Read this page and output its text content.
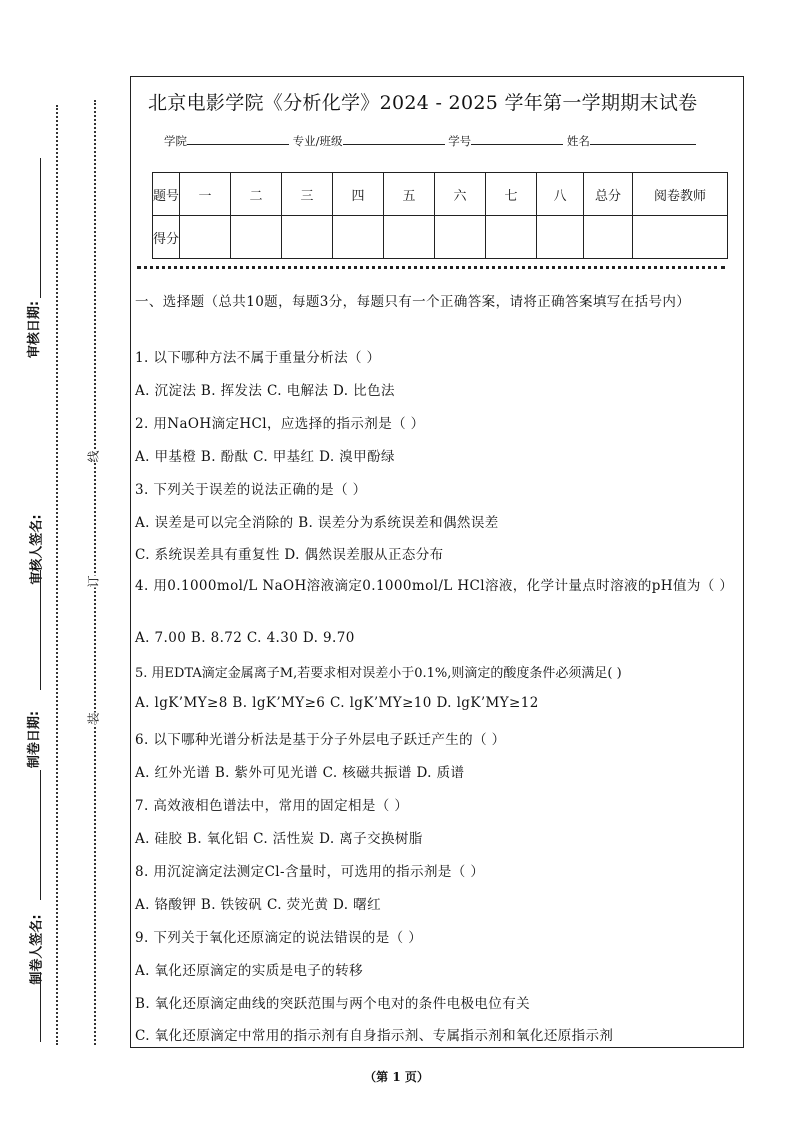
审核日期:
审核人签名:
制卷日期:
制卷人签名:
线
订
装
北京电影学院《分析化学》2024 - 2025 学年第一学期期末试卷
学院	专业/班级	学号	姓名
题号	一	二	三	四	五	六	七	八	总分	阅卷教师
得分										
一、选择题（总共10题，每题3分，每题只有一个正确答案，请将正确答案填写在括号内）
1. 以下哪种方法不属于重量分析法（ ）
A. 沉淀法 B. 挥发法 C. 电解法 D. 比色法
2. 用NaOH滴定HCl，应选择的指示剂是（ ）
A. 甲基橙 B. 酚酞 C. 甲基红 D. 溴甲酚绿
3. 下列关于误差的说法正确的是（ ）
A. 误差是可以完全消除的 B. 误差分为系统误差和偶然误差
C. 系统误差具有重复性 D. 偶然误差服从正态分布
4. 用0.1000mol/L NaOH溶液滴定0.1000mol/L HCl溶液，化学计量点时溶液的pH值为（ ）
A. 7.00 B. 8.72 C. 4.30 D. 9.70
5. 用EDTA滴定金属离子M,若要求相对误差小于0.1%,则滴定的酸度条件必须满足( )
A. lgK’MY≥8 B. lgK’MY≥6 C. lgK’MY≥10 D. lgK’MY≥12
6. 以下哪种光谱分析法是基于分子外层电子跃迁产生的（ ）
A. 红外光谱 B. 紫外可见光谱 C. 核磁共振谱 D. 质谱
7. 高效液相色谱法中，常用的固定相是（ ）
A. 硅胶 B. 氧化铝 C. 活性炭 D. 离子交换树脂
8. 用沉淀滴定法测定Cl-含量时，可选用的指示剂是（ ）
A. 铬酸钾 B. 铁铵矾 C. 荧光黄 D. 曙红
9. 下列关于氧化还原滴定的说法错误的是（ ）
A. 氧化还原滴定的实质是电子的转移
B. 氧化还原滴定曲线的突跃范围与两个电对的条件电极电位有关
C. 氧化还原滴定中常用的指示剂有自身指示剂、专属指示剂和氧化还原指示剂
（第 1 页）
